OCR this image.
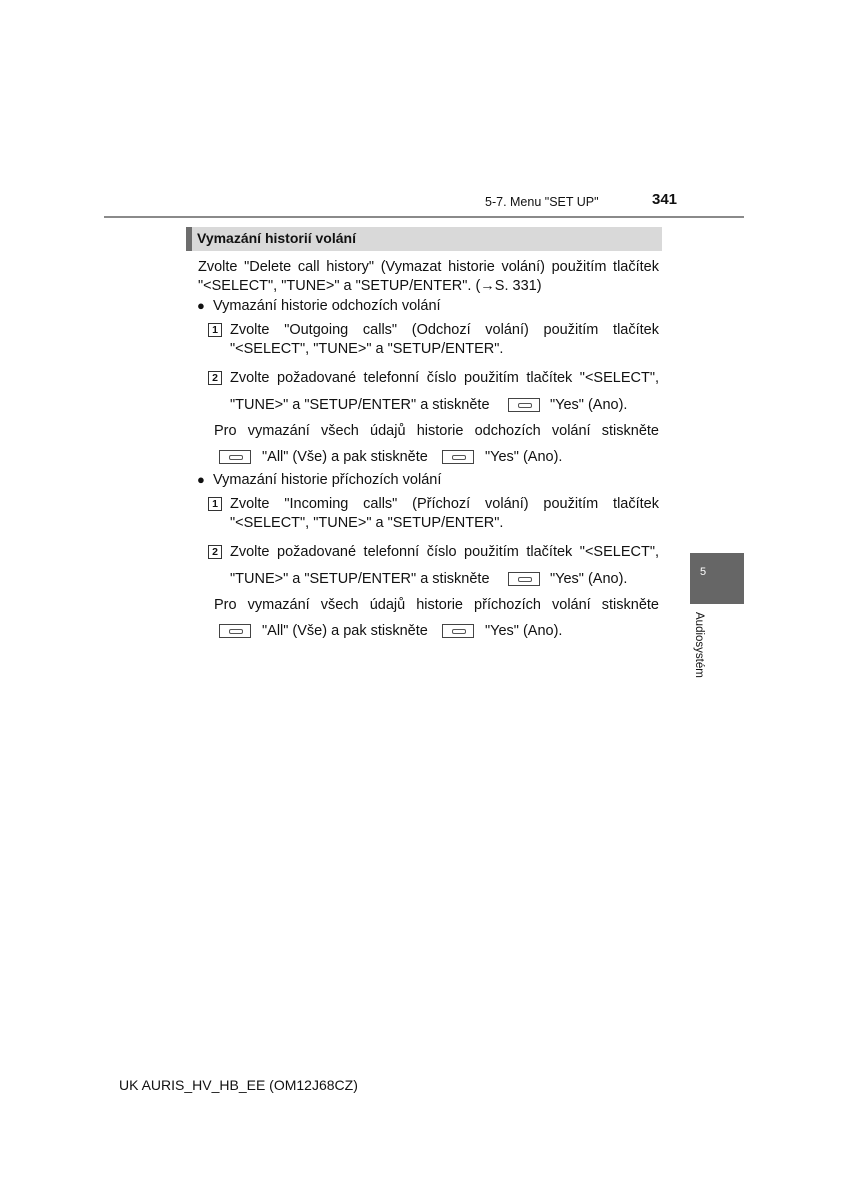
5-7. Menu "SET UP"	341
Vymazání historií volání
Zvolte "Delete call history" (Vymazat historie volání) použitím tlačítek
"<SELECT", "TUNE>" a "SETUP/ENTER". (→S. 331)
● Vymazání historie odchozích volání
1 Zvolte "Outgoing calls" (Odchozí volání) použitím tlačítek
"<SELECT", "TUNE>" a "SETUP/ENTER".
2 Zvolte požadované telefonní číslo použitím tlačítek "<SELECT",
"TUNE>" a "SETUP/ENTER" a stiskněte	"Yes" (Ano).
Pro vymazání všech údajů historie odchozích volání stiskněte
"All" (Vše) a pak stiskněte	"Yes" (Ano).
● Vymazání historie příchozích volání
1 Zvolte "Incoming calls" (Příchozí volání) použitím tlačítek
"<SELECT", "TUNE>" a "SETUP/ENTER".
2 Zvolte požadované telefonní číslo použitím tlačítek "<SELECT",
"TUNE>" a "SETUP/ENTER" a stiskněte	"Yes" (Ano).
Pro vymazání všech údajů historie příchozích volání stiskněte
"All" (Vše) a pak stiskněte	"Yes" (Ano).
5
Audiosystém
UK AURIS_HV_HB_EE (OM12J68CZ)
